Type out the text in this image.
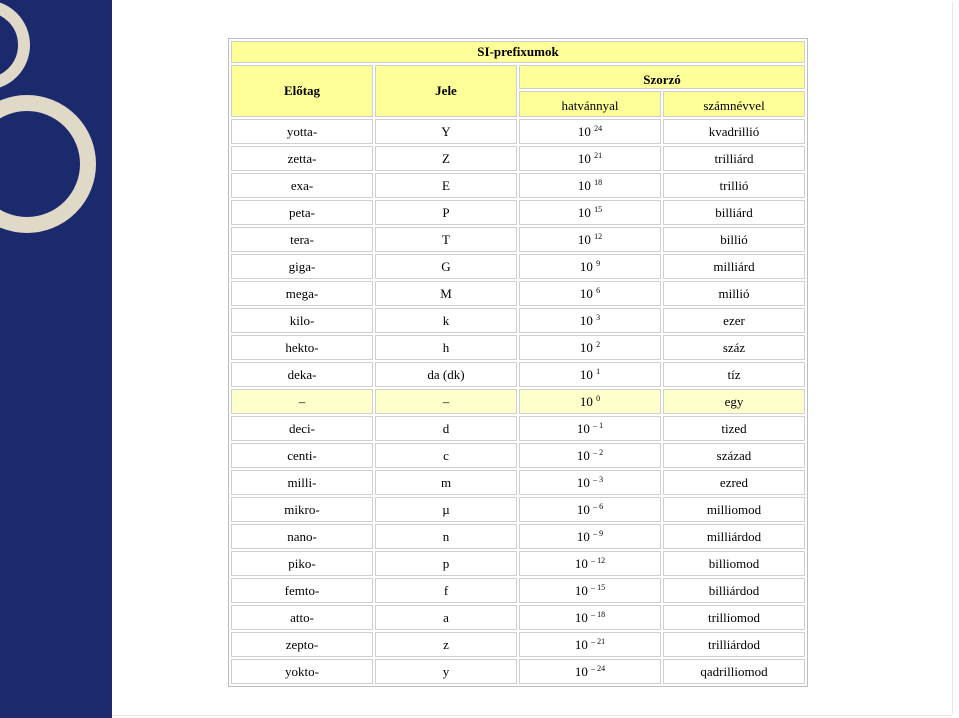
SI-prefixumok			
Előtag	Jele	Szorzó	
		hatvánnyal	számnévvel
yotta-	Y	10 $^{24}$	kvadrillió
zetta-	Z	10 $^{21}$	trilliárd
exa-	E	10 $^{18}$	trillió
peta-	P	10 $^{15}$	billiárd
tera-	T	10 $^{12}$	billió
giga-	G	10 $^9$	milliárd
mega-	M	10 $^6$	millió
kilo-	k	10 $^3$	ezer
hekto-	h	10 $^2$	száz
deka-	da (dk)	10 $^1$	tíz
–	–	10 $^0$	egy
deci-	d	10 $^{- 1}$	tized
centi-	c	10 $^{- 2}$	század
milli-	m	10 $^{- 3}$	ezred
mikro-	µ	10 $^{- 6}$	milliomod
nano-	n	10 $^{- 9}$	milliárdod
piko-	p	10 $^{- 12}$	billiomod
femto-	f	10 $^{- 15}$	billiárdod
atto-	a	10 $^{- 18}$	trilliomod
zepto-	z	10 $^{- 21}$	trilliárdod
yokto-	y	10 $^{- 24}$	qadrilliomod
